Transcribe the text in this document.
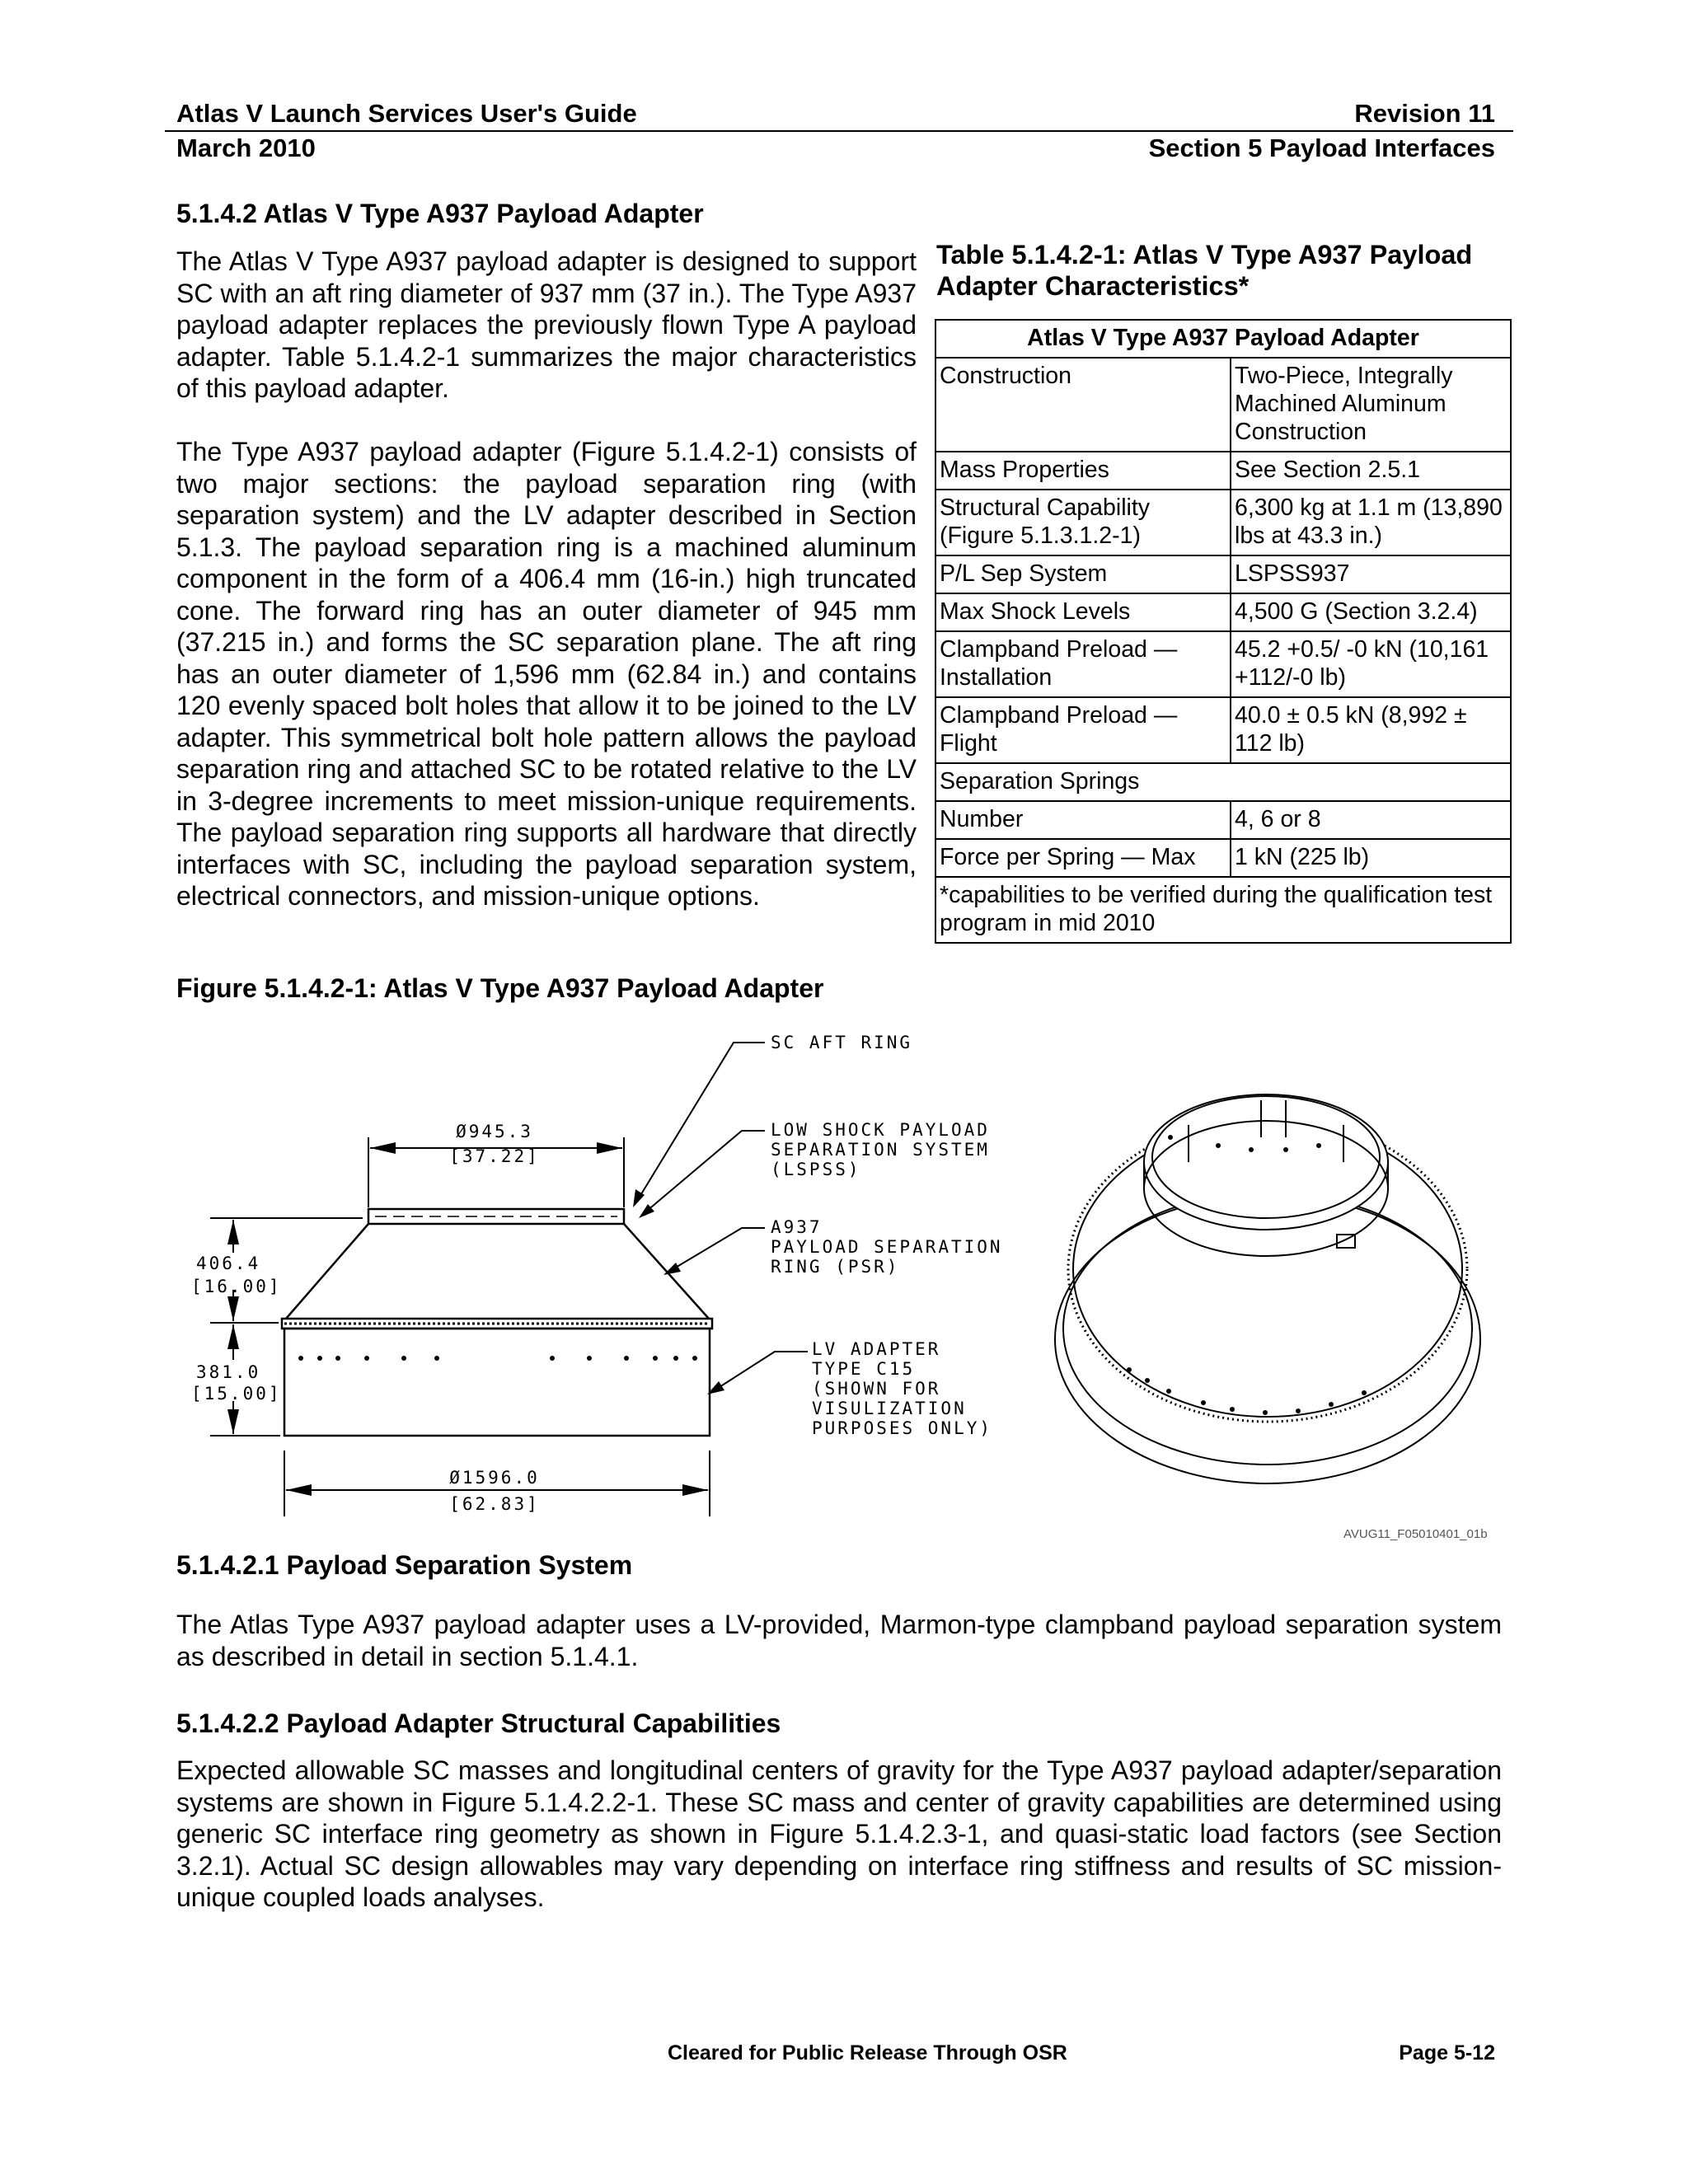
Atlas V Launch Services User's Guide	Revision 11
March 2010	Section 5 Payload Interfaces
5.1.4.2 Atlas V Type A937 Payload Adapter
The Atlas V Type A937 payload adapter is designed to support SC with an aft ring diameter of 937 mm (37 in.). The Type A937 payload adapter replaces the previously flown Type A payload adapter. Table 5.1.4.2-1 summarizes the major characteristics of this payload adapter.
The Type A937 payload adapter (Figure 5.1.4.2-1) consists of two major sections: the payload separation ring (with separation system) and the LV adapter described in Section 5.1.3. The payload separation ring is a machined aluminum component in the form of a 406.4 mm (16-in.) high truncated cone. The forward ring has an outer diameter of 945 mm (37.215 in.) and forms the SC separation plane. The aft ring has an outer diameter of 1,596 mm (62.84 in.) and contains 120 evenly spaced bolt holes that allow it to be joined to the LV adapter. This symmetrical bolt hole pattern allows the payload separation ring and attached SC to be rotated relative to the LV in 3-degree increments to meet mission-unique requirements. The payload separation ring supports all hardware that directly interfaces with SC, including the payload separation system, electrical connectors, and mission-unique options.
Table 5.1.4.2-1: Atlas V Type A937 Payload Adapter Characteristics*
Atlas V Type A937 Payload Adapter	
Construction	Two-Piece, Integrally Machined Aluminum Construction
Mass Properties	See Section 2.5.1
Structural Capability (Figure 5.1.3.1.2-1)	6,300 kg at 1.1 m (13,890 lbs at 43.3 in.)
P/L Sep System	LSPSS937
Max Shock Levels	4,500 G (Section 3.2.4)
Clampband Preload — Installation	45.2 +0.5/ -0 kN (10,161 +112/-0 lb)
Clampband Preload — Flight	40.0 ± 0.5 kN (8,992 ± 112 lb)
Separation Springs	
Number	4, 6 or 8
Force per Spring — Max	1 kN (225 lb)
*capabilities to be verified during the qualification test program in mid 2010	
Figure 5.1.4.2-1: Atlas V Type A937 Payload Adapter
Ø945.3
[37.22]
Ø1596.0
[62.83]
406.4
[16.00]
381.0
[15.00]
SC AFT RING
LOW SHOCK PAYLOAD
SEPARATION SYSTEM
(LSPSS)
A937
PAYLOAD SEPARATION
RING (PSR)
LV ADAPTER
TYPE C15
(SHOWN FOR
VISULIZATION
PURPOSES ONLY)
AVUG11_F05010401_01b
5.1.4.2.1 Payload Separation System
The Atlas Type A937 payload adapter uses a LV-provided, Marmon-type clampband payload separation system as described in detail in section 5.1.4.1.
5.1.4.2.2 Payload Adapter Structural Capabilities
Expected allowable SC masses and longitudinal centers of gravity for the Type A937 payload adapter/separation systems are shown in Figure 5.1.4.2.2-1. These SC mass and center of gravity capabilities are determined using generic SC interface ring geometry as shown in Figure 5.1.4.2.3-1, and quasi-static load factors (see Section 3.2.1). Actual SC design allowables may vary depending on interface ring stiffness and results of SC mission-unique coupled loads analyses.
Cleared for Public Release Through OSR	Page 5-12
